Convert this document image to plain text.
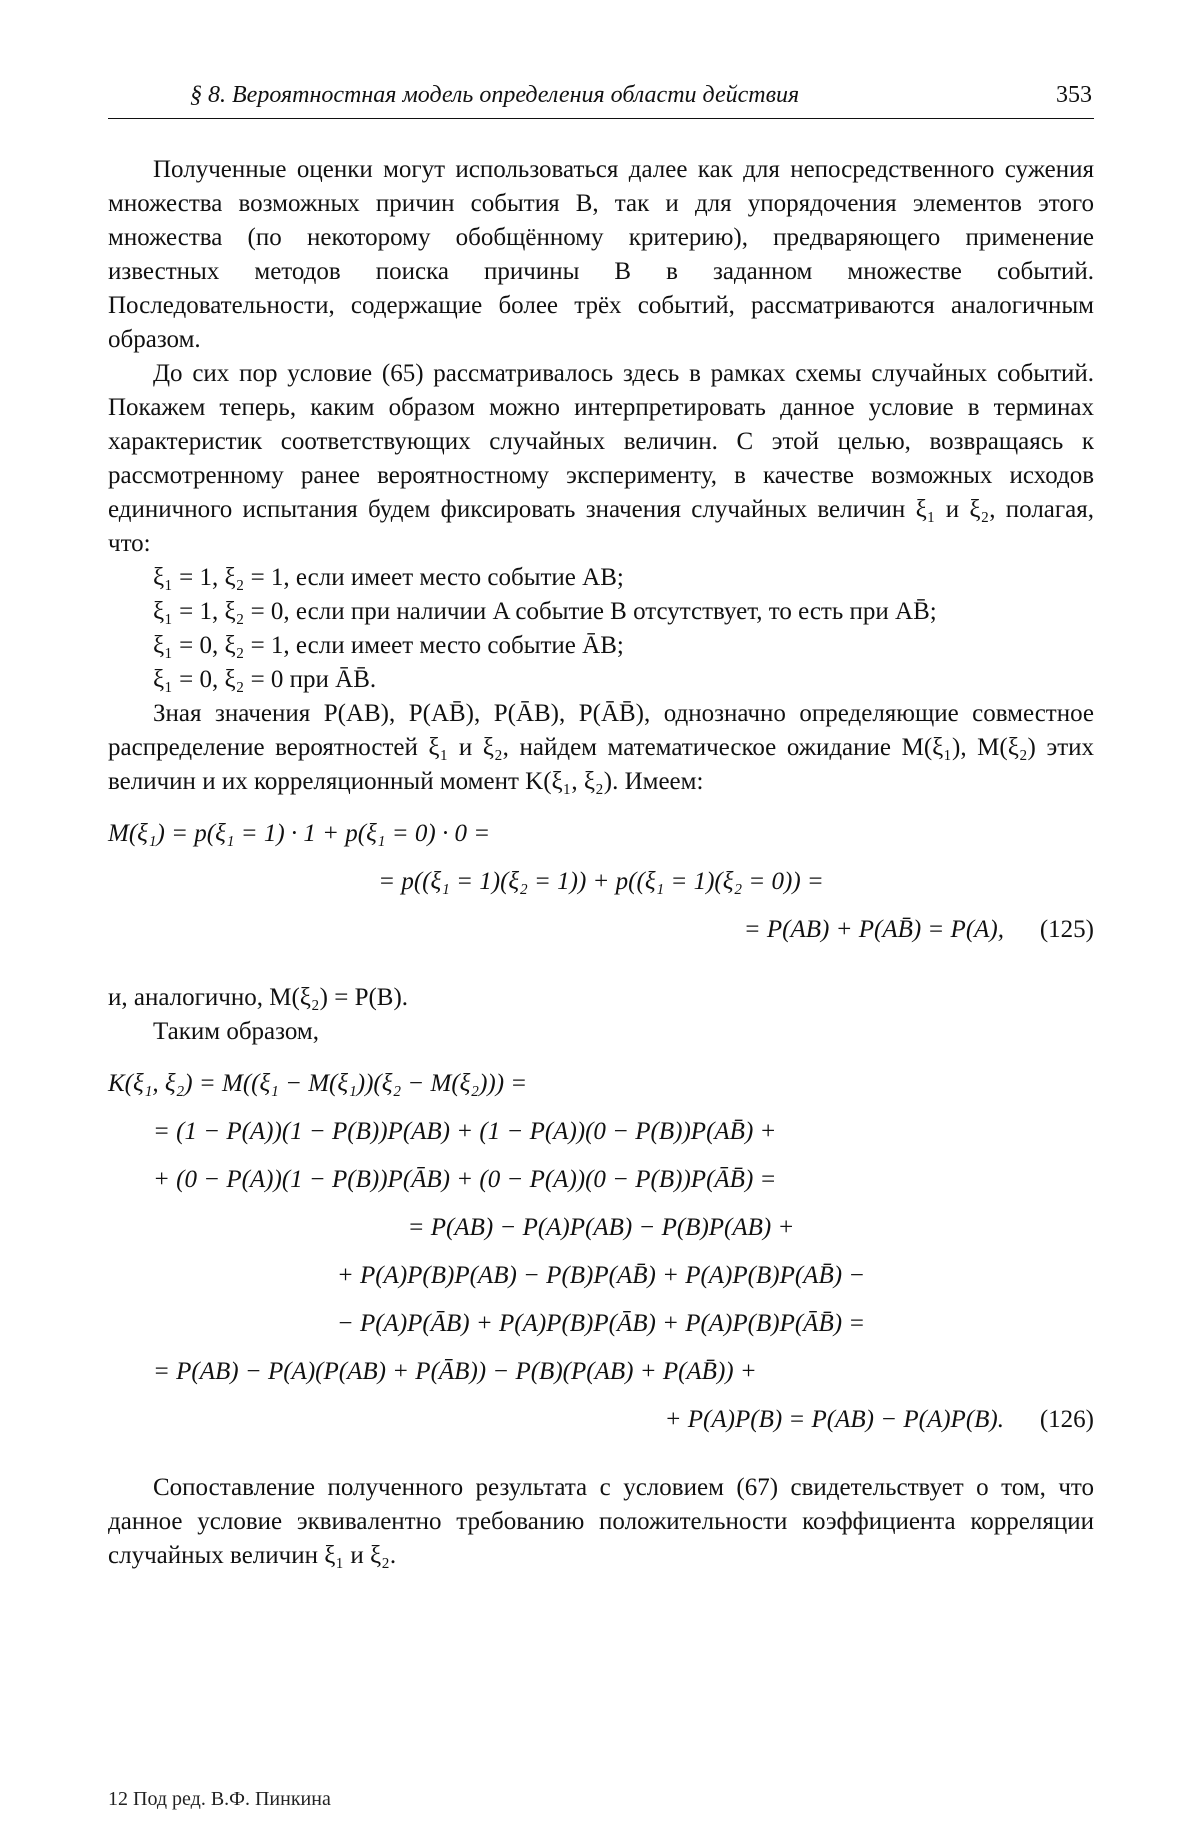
§ 8. Вероятностная модель определения области действия	353

Полученные оценки могут использоваться далее как для непосредственного сужения множества возможных причин события B, так и для упорядочения элементов этого множества (по некоторому обобщённому критерию), предваряющего применение известных методов поиска причины B в заданном множестве событий. Последовательности, содержащие более трёх событий, рассматриваются аналогичным образом.

До сих пор условие (65) рассматривалось здесь в рамках схемы случайных событий. Покажем теперь, каким образом можно интерпретировать данное условие в терминах характеристик соответствующих случайных величин. С этой целью, возвращаясь к рассмотренному ранее вероятностному эксперименту, в качестве возможных исходов единичного испытания будем фиксировать значения случайных величин ξ₁ и ξ₂, полагая, что:

ξ₁ = 1, ξ₂ = 1, если имеет место событие AB;

ξ₁ = 1, ξ₂ = 0, если при наличии A событие B отсутствует, то есть при AB̄;

ξ₁ = 0, ξ₂ = 1, если имеет место событие ĀB;

ξ₁ = 0, ξ₂ = 0 при ĀB̄.

Зная значения P(AB), P(AB̄), P(ĀB), P(ĀB̄), однозначно определяющие совместное распределение вероятностей ξ₁ и ξ₂, найдем математическое ожидание M(ξ₁), M(ξ₂) этих величин и их корреляционный момент K(ξ₁, ξ₂). Имеем:

M(ξ₁) = p(ξ₁ = 1) · 1 + p(ξ₁ = 0) · 0 =
= p((ξ₁ = 1)(ξ₂ = 1)) + p((ξ₁ = 1)(ξ₂ = 0)) =
= P(AB) + P(AB̄) = P(A),	(125)

и, аналогично, M(ξ₂) = P(B).

Таким образом,

K(ξ₁, ξ₂) = M((ξ₁ − M(ξ₁))(ξ₂ − M(ξ₂))) =
= (1 − P(A))(1 − P(B))P(AB) + (1 − P(A))(0 − P(B))P(AB̄) +
+ (0 − P(A))(1 − P(B))P(ĀB) + (0 − P(A))(0 − P(B))P(ĀB̄) =
= P(AB) − P(A)P(AB) − P(B)P(AB) +
+ P(A)P(B)P(AB) − P(B)P(AB̄) + P(A)P(B)P(AB̄) −
− P(A)P(ĀB) + P(A)P(B)P(ĀB) + P(A)P(B)P(ĀB̄) =
= P(AB) − P(A)(P(AB) + P(ĀB)) − P(B)(P(AB) + P(AB̄)) +
+ P(A)P(B) = P(AB) − P(A)P(B).	(126)

Сопоставление полученного результата с условием (67) свидетельствует о том, что данное условие эквивалентно требованию положительности коэффициента корреляции случайных величин ξ₁ и ξ₂.

12 Под ред. В.Ф. Пинкина
